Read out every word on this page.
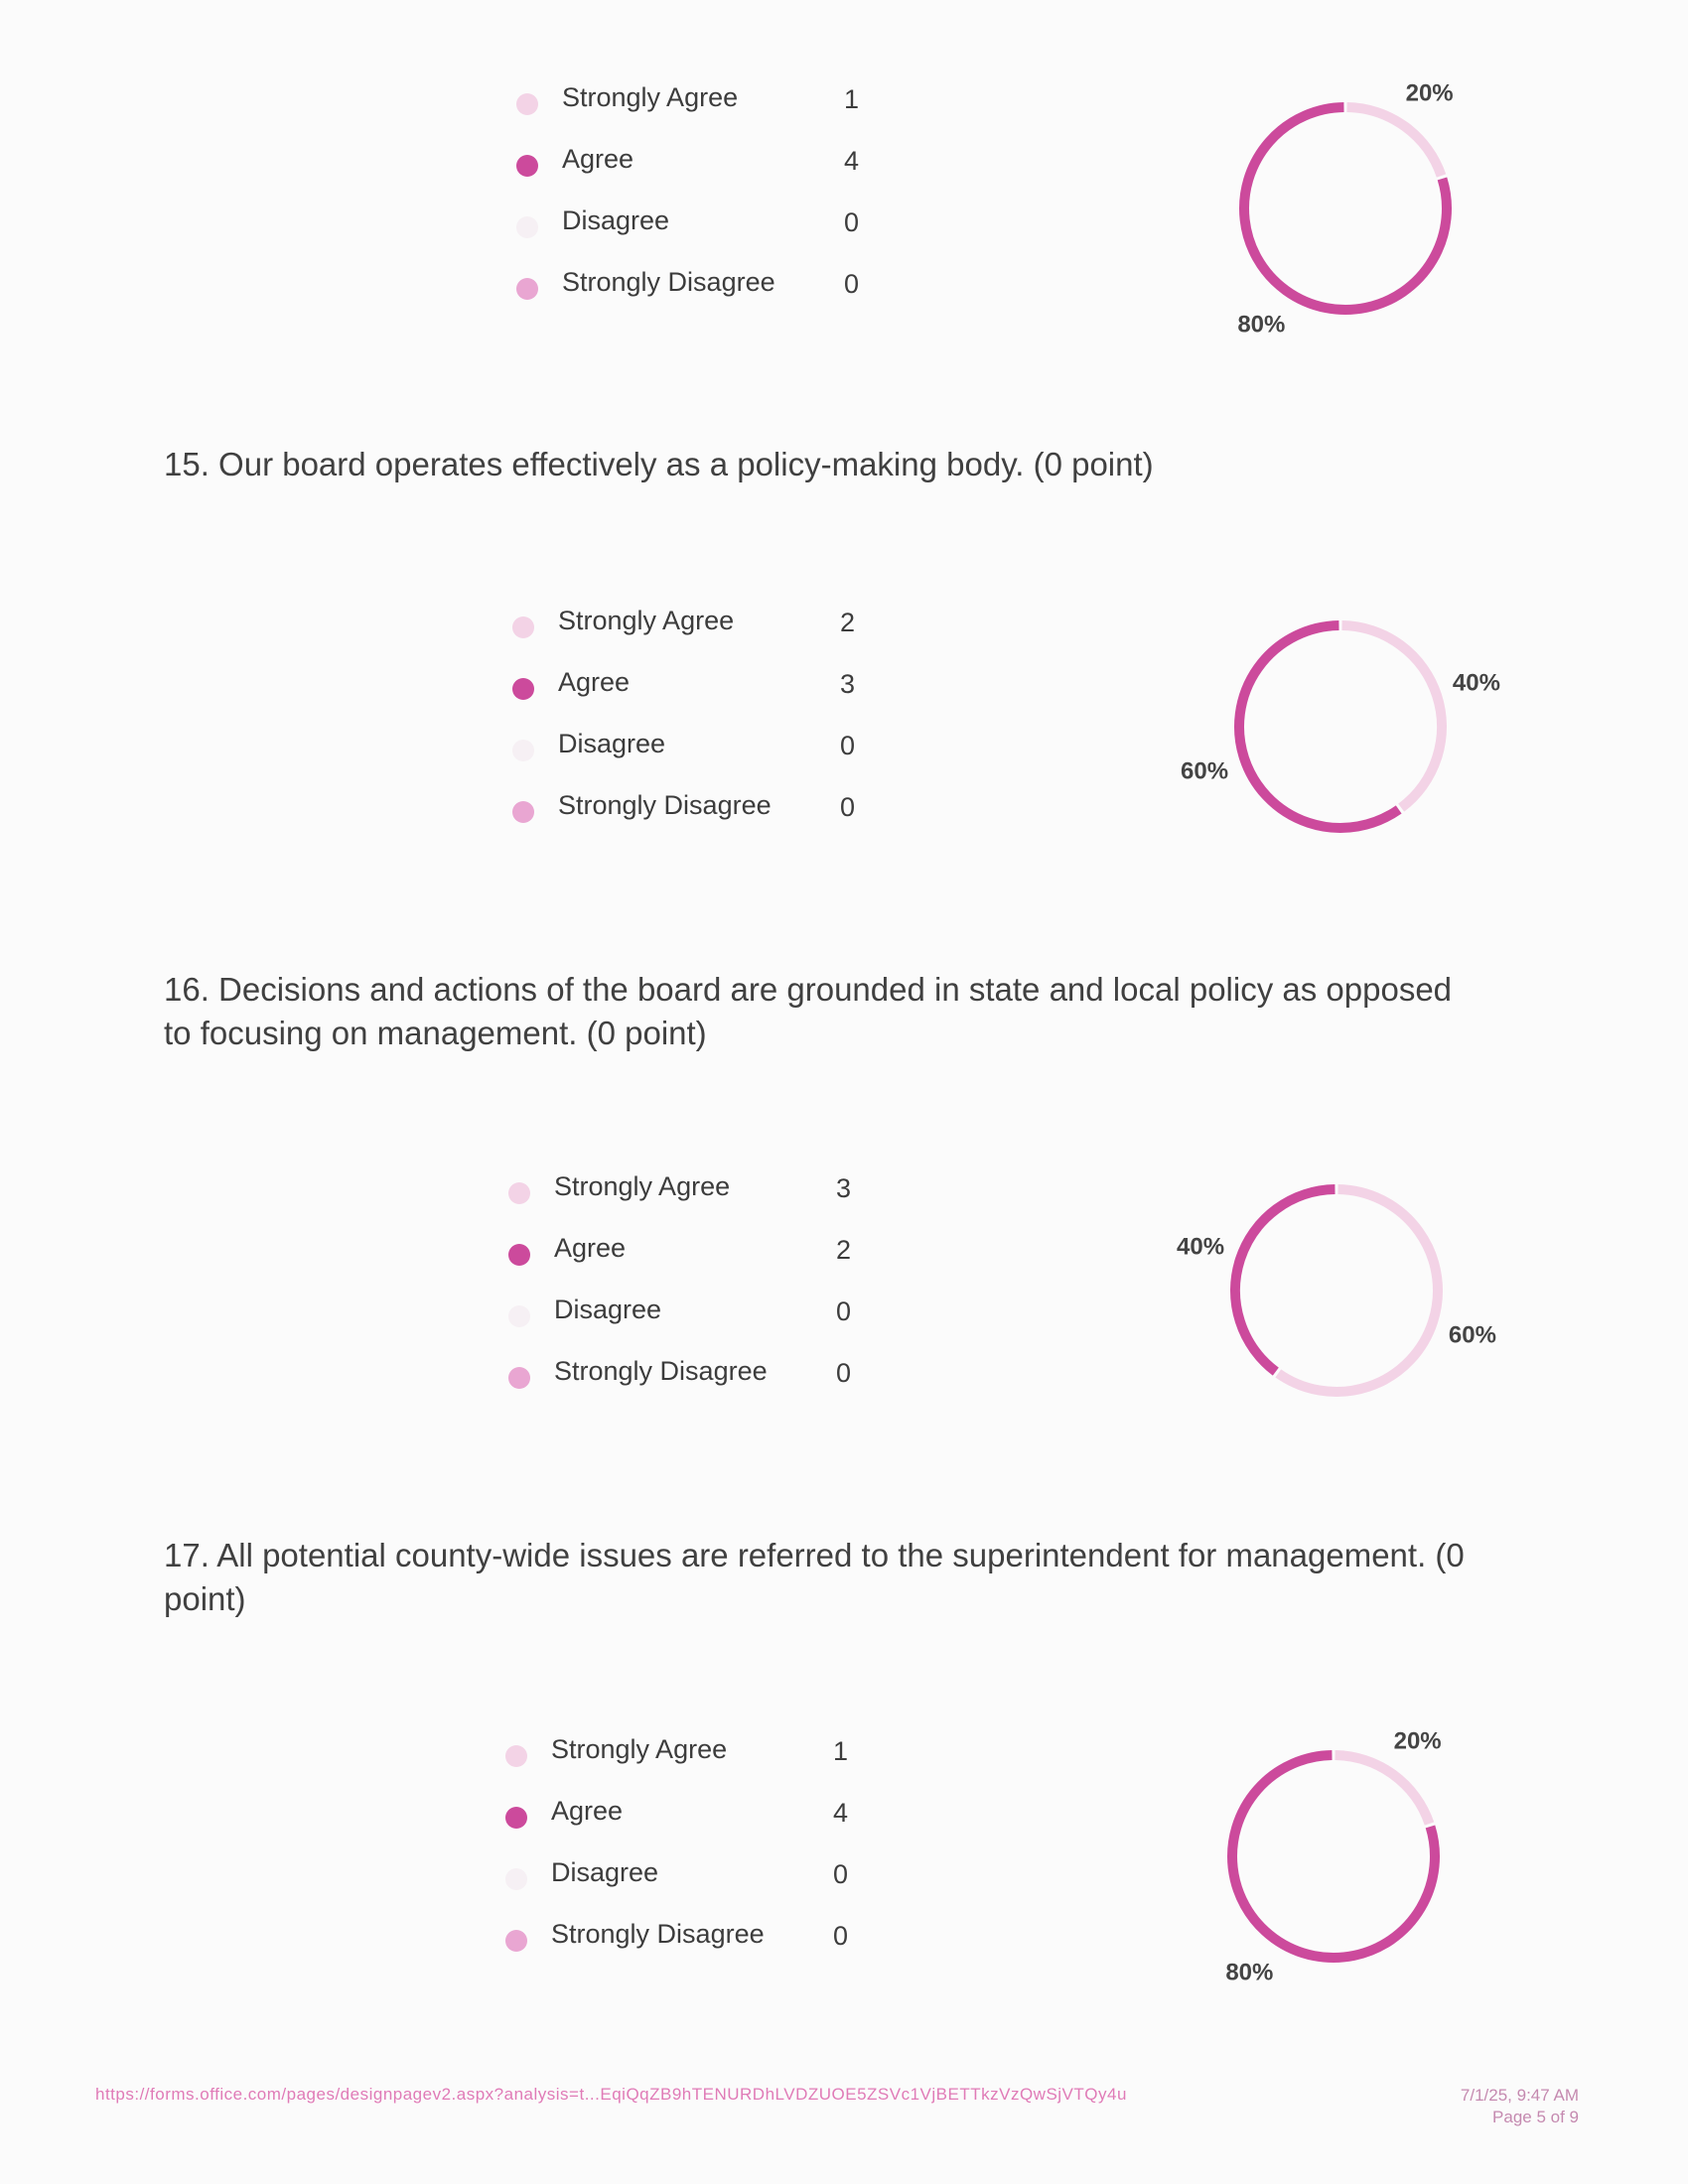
Strongly Agree	1
Agree	4
Disagree	0
Strongly Disagree	0
20%
80%
15. Our board operates effectively as a policy-making body. (0 point)
Strongly Agree	2
Agree	3
Disagree	0
Strongly Disagree	0
40%
60%
16. Decisions and actions of the board are grounded in state and local policy as opposed to focusing on management. (0 point)
Strongly Agree	3
Agree	2
Disagree	0
Strongly Disagree	0
60%
40%
17. All potential county-wide issues are referred to the superintendent for management. (0 point)
Strongly Agree	1
Agree	4
Disagree	0
Strongly Disagree	0
20%
80%
https://forms.office.com/pages/designpagev2.aspx?analysis=t...EqiQqZB9hTENURDhLVDZUOE5ZSVc1VjBETTkzVzQwSjVTQy4u	7/1/25, 9:47 AM
Page 5 of 9
